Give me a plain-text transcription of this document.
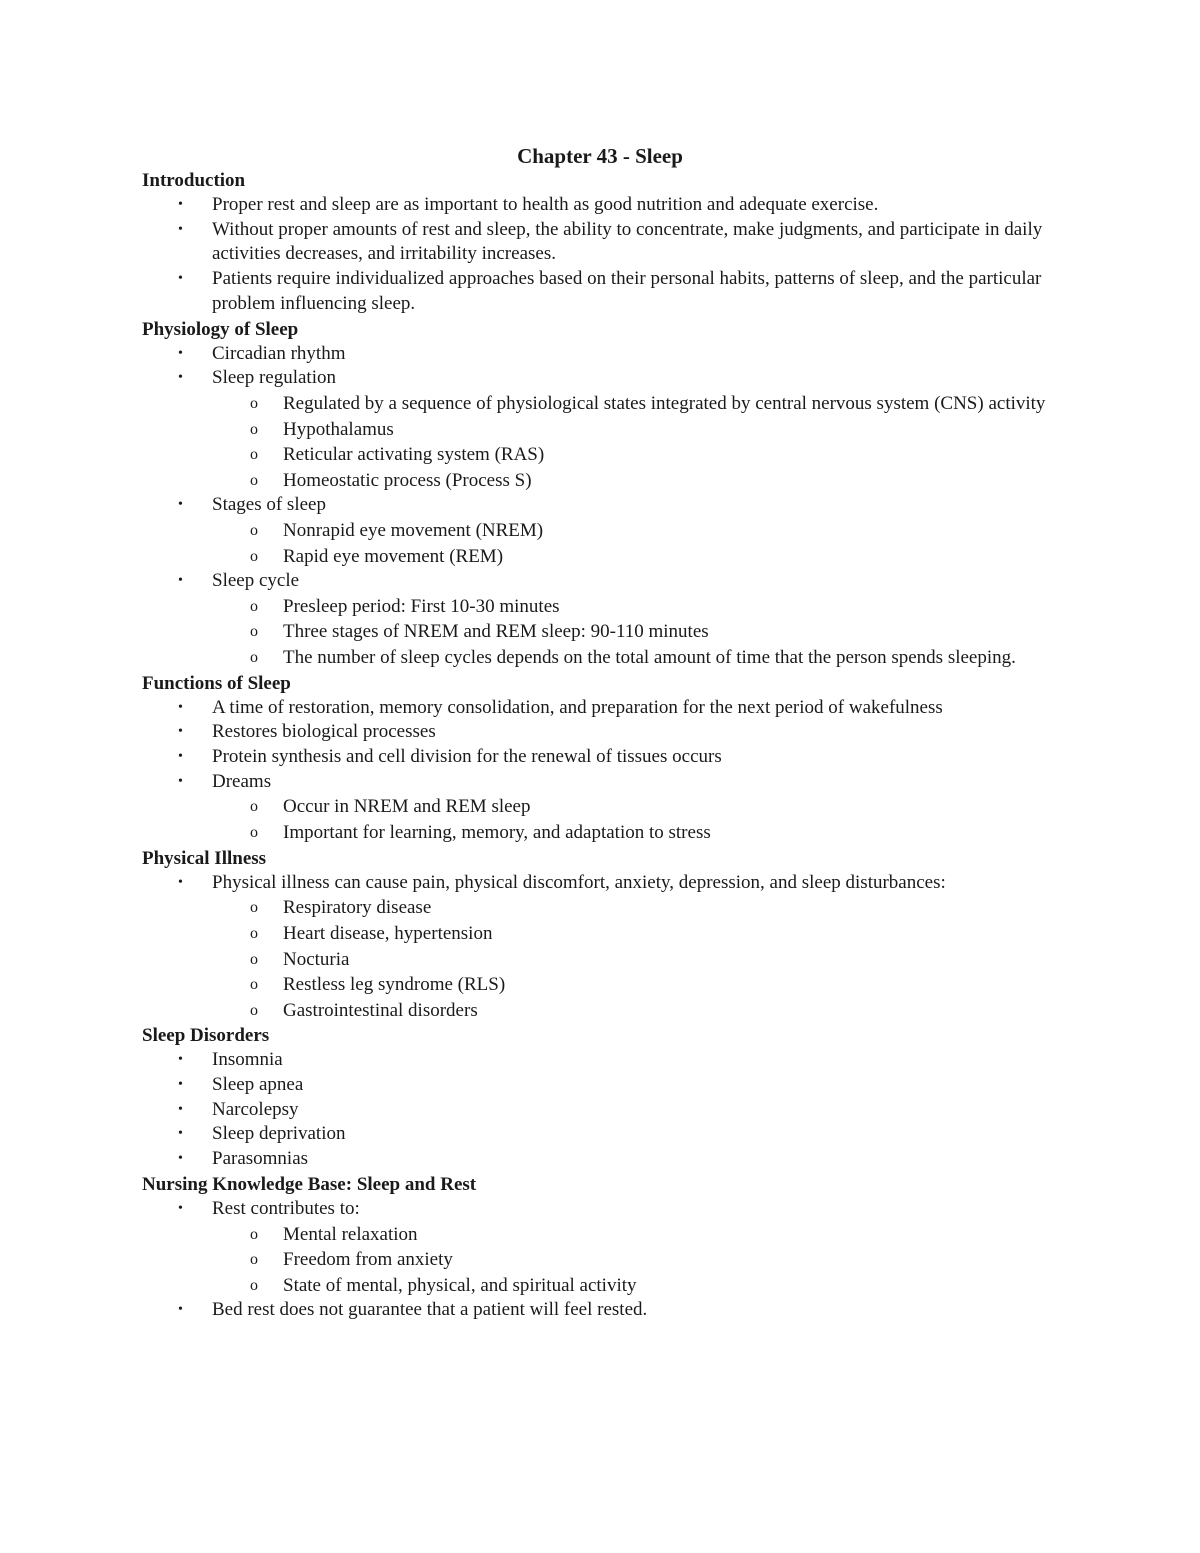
Chapter 43 - Sleep
Introduction
• Proper rest and sleep are as important to health as good nutrition and adequate exercise.
• Without proper amounts of rest and sleep, the ability to concentrate, make judgments, and participate in daily activities decreases, and irritability increases.
• Patients require individualized approaches based on their personal habits, patterns of sleep, and the particular problem influencing sleep.
Physiology of Sleep
• Circadian rhythm
• Sleep regulation
o Regulated by a sequence of physiological states integrated by central nervous system (CNS) activity
o Hypothalamus
o Reticular activating system (RAS)
o Homeostatic process (Process S)
• Stages of sleep
o Nonrapid eye movement (NREM)
o Rapid eye movement (REM)
• Sleep cycle
o Presleep period: First 10-30 minutes
o Three stages of NREM and REM sleep: 90-110 minutes
o The number of sleep cycles depends on the total amount of time that the person spends sleeping.
Functions of Sleep
• A time of restoration, memory consolidation, and preparation for the next period of wakefulness
• Restores biological processes
• Protein synthesis and cell division for the renewal of tissues occurs
• Dreams
o Occur in NREM and REM sleep
o Important for learning, memory, and adaptation to stress
Physical Illness
• Physical illness can cause pain, physical discomfort, anxiety, depression, and sleep disturbances:
o Respiratory disease
o Heart disease, hypertension
o Nocturia
o Restless leg syndrome (RLS)
o Gastrointestinal disorders
Sleep Disorders
• Insomnia
• Sleep apnea
• Narcolepsy
• Sleep deprivation
• Parasomnias
Nursing Knowledge Base: Sleep and Rest
• Rest contributes to:
o Mental relaxation
o Freedom from anxiety
o State of mental, physical, and spiritual activity
• Bed rest does not guarantee that a patient will feel rested.
